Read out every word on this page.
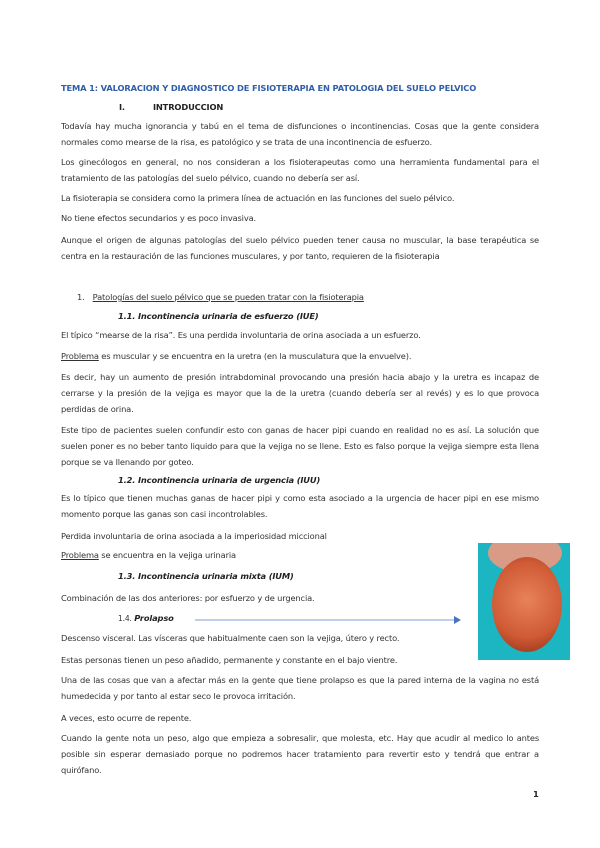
TEMA 1: VALORACION Y DIAGNOSTICO DE FISIOTERAPIA EN PATOLOGIA DEL SUELO PELVICO
I.	INTRODUCCION
Todavía hay mucha ignorancia y tabú en el tema de disfunciones o incontinencias. Cosas que la gente considera normales como mearse de la risa, es patológico y se trata de una incontinencia de esfuerzo.
Los ginecólogos en general, no nos consideran a los fisioterapeutas como una herramienta fundamental para el tratamiento de las patologías del suelo pélvico, cuando no debería ser así.
La fisioterapia se considera como la primera línea de actuación en las funciones del suelo pélvico.
No tiene efectos secundarios y es poco invasiva.
Aunque el origen de algunas patologías del suelo pélvico pueden tener causa no muscular, la base terapéutica se centra en la restauración de las funciones musculares, y por tanto, requieren de la fisioterapia
1. Patologías del suelo pélvico que se pueden tratar con la fisioterapia
1.1. Incontinencia urinaria de esfuerzo (IUE)
El típico “mearse de la risa”. Es una perdida involuntaria de orina asociada a un esfuerzo.
Problema es muscular y se encuentra en la uretra (en la musculatura que la envuelve).
Es decir, hay un aumento de presión intrabdominal provocando una presión hacia abajo y la uretra es incapaz de cerrarse y la presión de la vejiga es mayor que la de la uretra (cuando debería ser al revés) y es lo que provoca perdidas de orina.
Este tipo de pacientes suelen confundir esto con ganas de hacer pipi cuando en realidad no es así. La solución que suelen poner es no beber tanto liquido para que la vejiga no se llene. Esto es falso porque la vejiga siempre esta llena porque se va llenando por goteo.
1.2. Incontinencia urinaria de urgencia (IUU)
Es lo típico que tienen muchas ganas de hacer pipi y como esta asociado a la urgencia de hacer pipi en ese mismo momento porque las ganas son casi incontrolables.
Perdida involuntaria de orina asociada a la imperiosidad miccional
Problema se encuentra en la vejiga urinaria
1.3. Incontinencia urinaria mixta (IUM)
Combinación de las dos anteriores: por esfuerzo y de urgencia.
1.4. Prolapso
Descenso visceral. Las vísceras que habitualmente caen son la vejiga, útero y recto.
Estas personas tienen un peso añadido, permanente y constante en el bajo vientre.
Una de las cosas que van a afectar más en la gente que tiene prolapso es que la pared interna de la vagina no está humedecida y por tanto al estar seco le provoca irritación.
A veces, esto ocurre de repente.
Cuando la gente nota un peso, algo que empieza a sobresalir, que molesta, etc. Hay que acudir al medico lo antes posible sin esperar demasiado porque no podremos hacer tratamiento para revertir esto y tendrá que entrar a quirófano.
1
